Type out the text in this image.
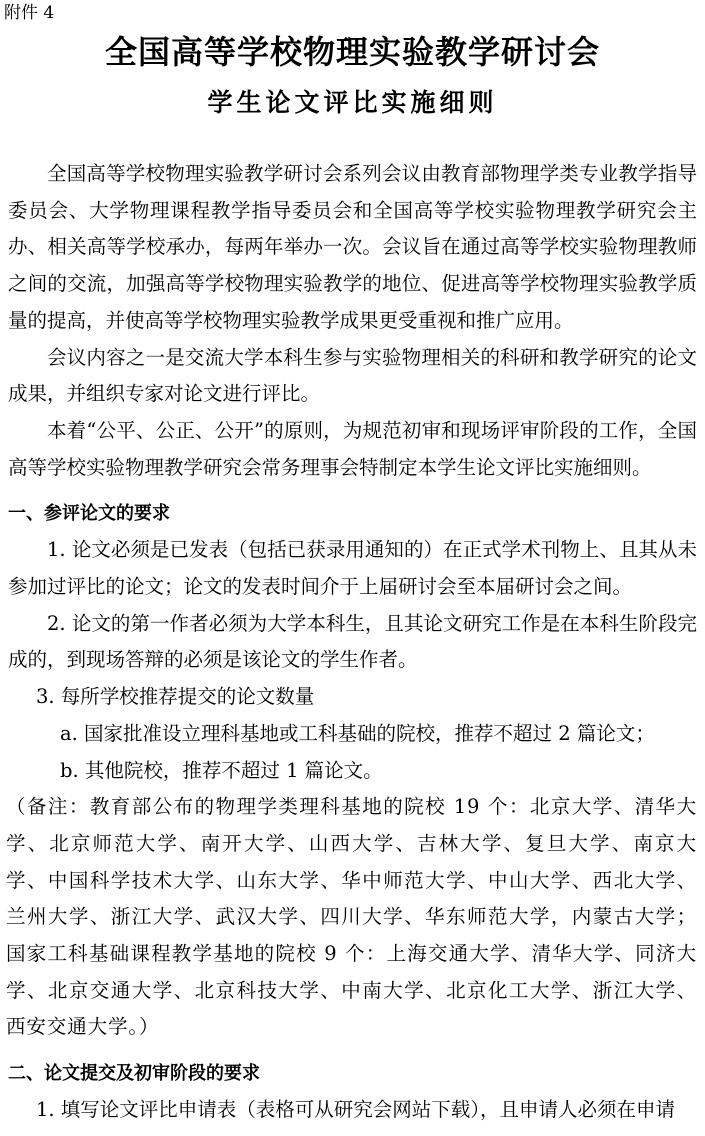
附件 4
全国高等学校物理实验教学研讨会
学生论文评比实施细则

全国高等学校物理实验教学研讨会系列会议由教育部物理学类专业教学指导委员会、大学物理课程教学指导委员会和全国高等学校实验物理教学研究会主办、相关高等学校承办，每两年举办一次。会议旨在通过高等学校实验物理教师之间的交流，加强高等学校物理实验教学的地位、促进高等学校物理实验教学质量的提高，并使高等学校物理实验教学成果更受重视和推广应用。

会议内容之一是交流大学本科生参与实验物理相关的科研和教学研究的论文成果，并组织专家对论文进行评比。

本着“公平、公正、公开”的原则，为规范初审和现场评审阶段的工作，全国高等学校实验物理教学研究会常务理事会特制定本学生论文评比实施细则。

一、参评论文的要求

1. 论文必须是已发表（包括已获录用通知的）在正式学术刊物上、且其从未参加过评比的论文；论文的发表时间介于上届研讨会至本届研讨会之间。

2. 论文的第一作者必须为大学本科生，且其论文研究工作是在本科生阶段完成的，到现场答辩的必须是该论文的学生作者。

3. 每所学校推荐提交的论文数量

a. 国家批准设立理科基地或工科基础的院校，推荐不超过 2 篇论文；

b. 其他院校，推荐不超过 1 篇论文。

（备注：教育部公布的物理学类理科基地的院校 19 个：北京大学、清华大学、北京师范大学、南开大学、山西大学、吉林大学、复旦大学、南京大学、中国科学技术大学、山东大学、华中师范大学、中山大学、西北大学、兰州大学、浙江大学、武汉大学、四川大学、华东师范大学，内蒙古大学；国家工科基础课程教学基地的院校 9 个：上海交通大学、清华大学、同济大学、北京交通大学、北京科技大学、中南大学、北京化工大学、浙江大学、西安交通大学。）

二、论文提交及初审阶段的要求

1. 填写论文评比申请表（表格可从研究会网站下载），且申请人必须在申请
